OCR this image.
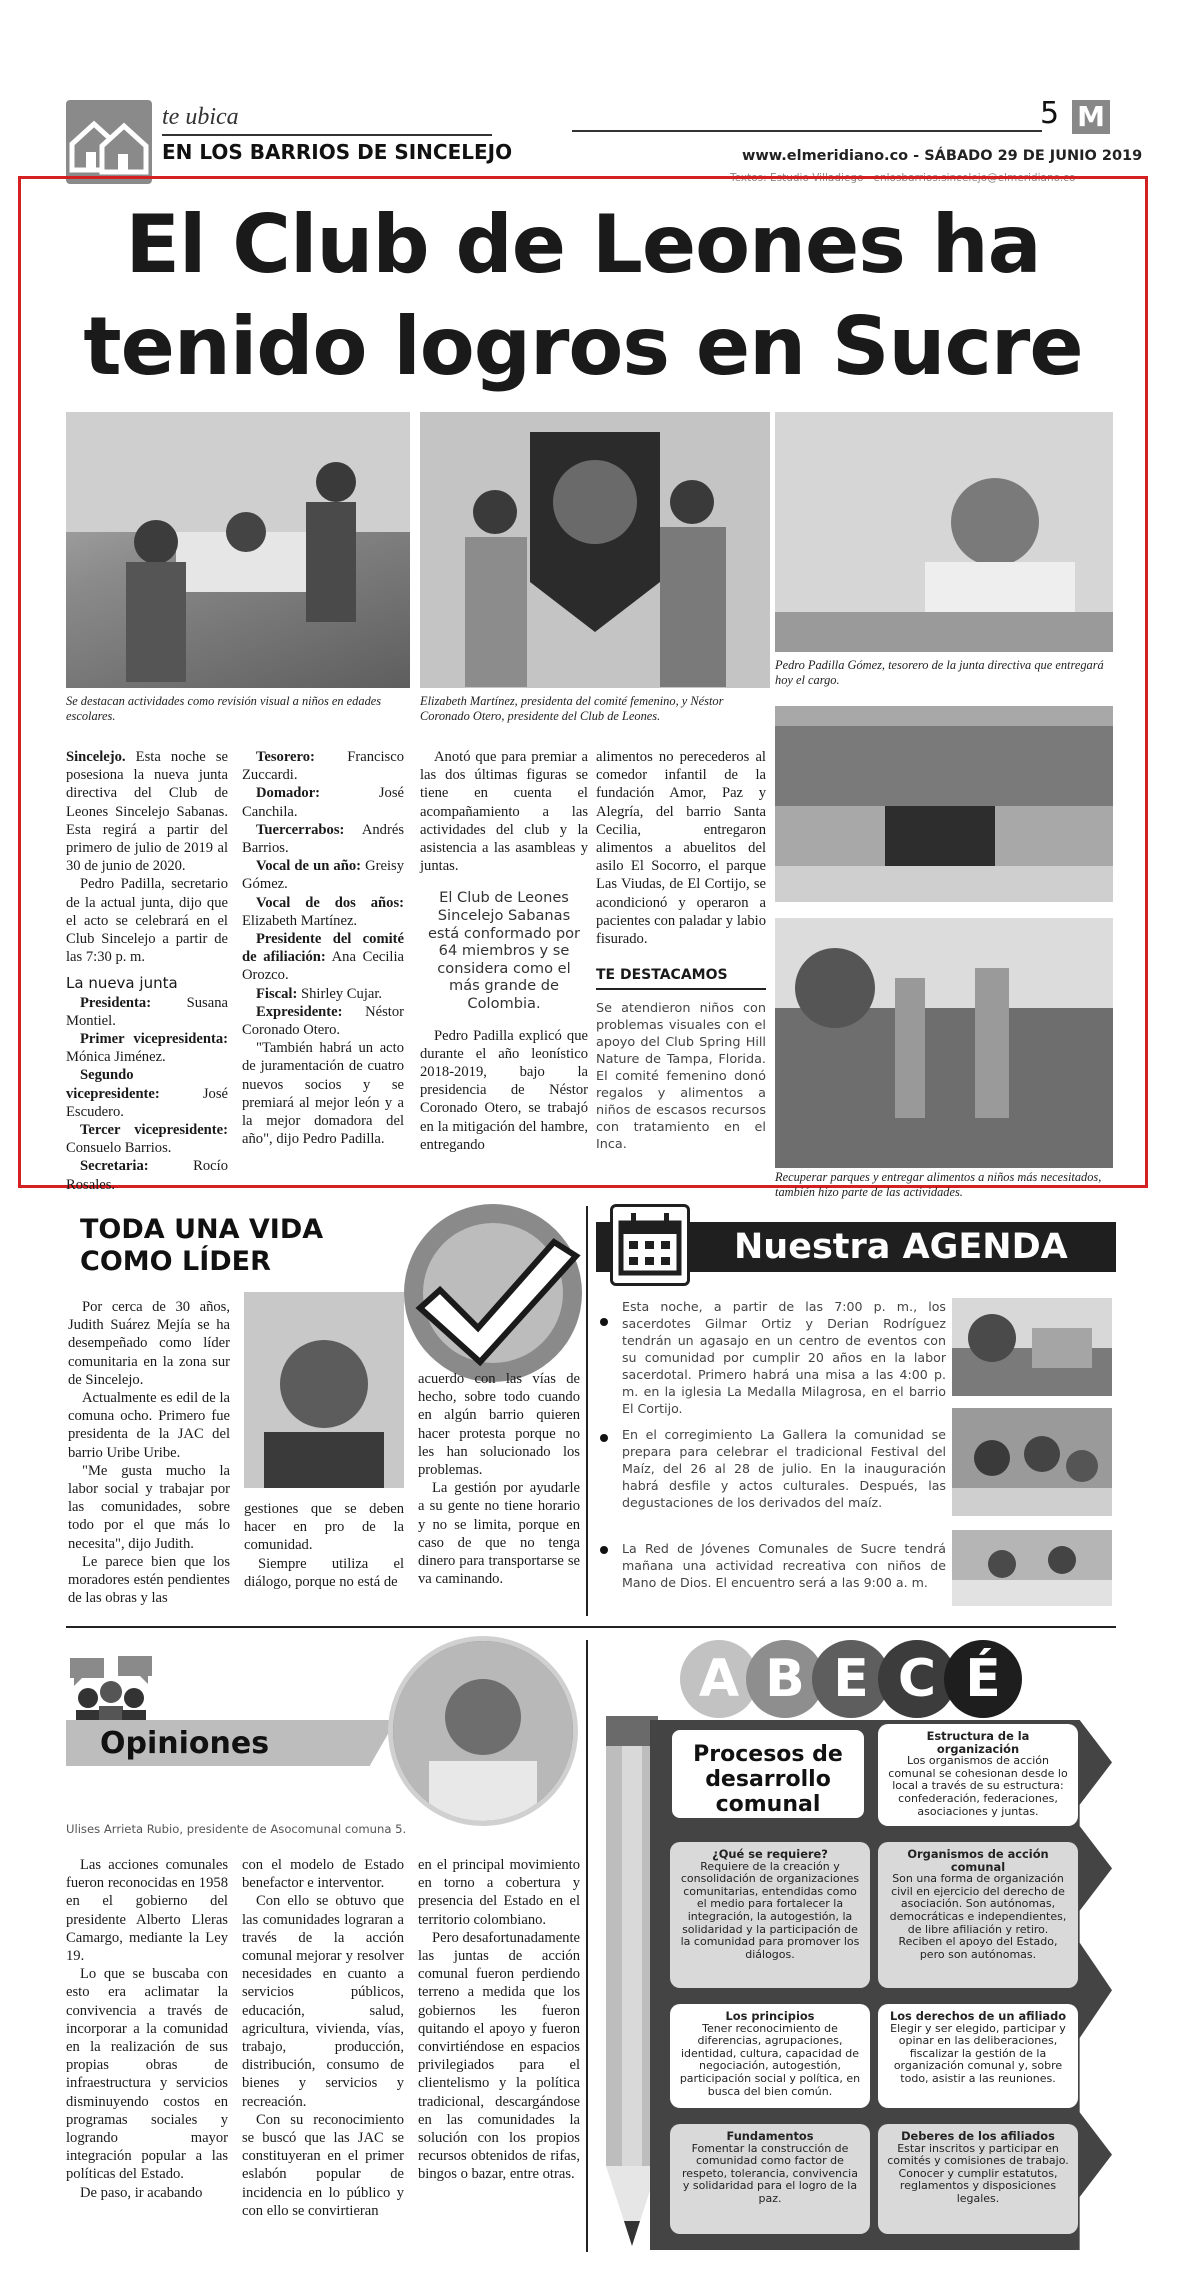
te ubica
EN LOS BARRIOS DE SINCELEJO
5 M
www.elmeridiano.co - SÁBADO 29 DE JUNIO 2019
Textos: Estudio Villadiego · enlosbarrios.sincelejo@elmeridiano.co
El Club de Leones ha
tenido logros en Sucre
Se destacan actividades como revisión visual a niños en edades escolares.
Elizabeth Martínez, presidenta del comité femenino, y Néstor Coronado Otero, presidente del Club de Leones.
Pedro Padilla Gómez, tesorero de la junta directiva que entregará hoy el cargo.
Recuperar parques y entregar alimentos a niños más necesitados, también hizo parte de las actividades.

Sincelejo. Esta noche se posesiona la nueva junta directiva del Club de Leones Sincelejo Sabanas. Esta regirá a partir del primero de julio de 2019 al 30 de junio de 2020.

Pedro Padilla, secretario de la actual junta, dijo que el acto se celebrará en el Club Sincelejo a partir de las 7:30 p. m.

La nueva junta

Presidenta: Susana Montiel.

Primer vicepresidenta: Mónica Jiménez.

Segundo vicepresidente: José Escudero.

Tercer vicepresidente: Consuelo Barrios.

Secretaria: Rocío Rosales.

Tesorero: Francisco Zuccardi.

Domador: José Canchila.

Tuercerrabos: Andrés Barrios.

Vocal de un año: Greisy Gómez.

Vocal de dos años: Elizabeth Martínez.

Presidente del comité de afiliación: Ana Cecilia Orozco.

Fiscal: Shirley Cujar.

Expresidente: Néstor Coronado Otero.

"También habrá un acto de juramentación de cuatro nuevos socios y se premiará al mejor león y a la mejor domadora del año", dijo Pedro Padilla.

Anotó que para premiar a las dos últimas figuras se tiene en cuenta el acompañamiento a las actividades del club y la asistencia a las asambleas y juntas.

El Club de Leones Sincelejo Sabanas está conformado por 64 miembros y se considera como el más grande de Colombia.

Pedro Padilla explicó que durante el año leonístico 2018-2019, bajo la presidencia de Néstor Coronado Otero, se trabajó en la mitigación del hambre, entregando

alimentos no perecederos al comedor infantil de la fundación Amor, Paz y Alegría, del barrio Santa Cecilia, entregaron alimentos a abuelitos del asilo El Socorro, el parque Las Viudas, de El Cortijo, se acondicionó y operaron a pacientes con paladar y labio fisurado.

TE DESTACAMOS

Se atendieron niños con problemas visuales con el apoyo del Club Spring Hill Nature de Tampa, Florida. El comité femenino donó regalos y alimentos a niños de escasos recursos con tratamiento en el Inca.

TODA UNA VIDA
COMO LÍDER

Por cerca de 30 años, Judith Suárez Mejía se ha desempeñado como líder comunitaria en la zona sur de Sincelejo.

Actualmente es edil de la comuna ocho. Primero fue presidenta de la JAC del barrio Uribe Uribe.

"Me gusta mucho la labor social y trabajar por las comunidades, sobre todo por el que más lo necesita", dijo Judith.

Le parece bien que los moradores estén pendientes de las obras y las

gestiones que se deben hacer en pro de la comunidad.

Siempre utiliza el diálogo, porque no está de

acuerdo con las vías de hecho, sobre todo cuando en algún barrio quieren hacer protesta porque no les han solucionado los problemas.

La gestión por ayudarle a su gente no tiene horario y no se limita, porque en caso de que no tenga dinero para transportarse se va caminando.

Nuestra AGENDA
Esta noche, a partir de las 7:00 p. m., los sacerdotes Gilmar Ortiz y Derian Rodríguez tendrán un agasajo en un centro de eventos con su comunidad por cumplir 20 años en la labor sacerdotal. Primero habrá una misa a las 4:00 p. m. en la iglesia La Medalla Milagrosa, en el barrio El Cortijo.
En el corregimiento La Gallera la comunidad se prepara para celebrar el tradicional Festival del Maíz, del 26 al 28 de julio. En la inauguración habrá desfile y actos culturales. Después, las degustaciones de los derivados del maíz.
La Red de Jóvenes Comunales de Sucre tendrá mañana una actividad recreativa con niños de Mano de Dios. El encuentro será a las 9:00 a. m.
Opiniones
Ulises Arrieta Rubio, presidente de Asocomunal comuna 5.

Las acciones comunales fueron reconocidas en 1958 en el gobierno del presidente Alberto Lleras Camargo, mediante la Ley 19.

Lo que se buscaba con esto era aclimatar la convivencia a través de incorporar a la comunidad en la realización de sus propias obras de infraestructura y servicios disminuyendo costos en programas sociales y logrando mayor integración popular a las políticas del Estado.

De paso, ir acabando

con el modelo de Estado benefactor e interventor.

Con ello se obtuvo que las comunidades lograran a través de la acción comunal mejorar y resolver necesidades en cuanto a servicios públicos, educación, salud, agricultura, vivienda, vías, trabajo, producción, distribución, consumo de bienes y servicios y recreación.

Con su reconocimiento se buscó que las JAC se constituyeran en el primer eslabón popular de incidencia en lo público y con ello se convirtieran

en el principal movimiento en torno a cobertura y presencia del Estado en el territorio colombiano.

Pero desafortunadamente las juntas de acción comunal fueron perdiendo terreno a medida que los gobiernos les fueron quitando el apoyo y fueron convirtiéndose en espacios privilegiados para el clientelismo y la política tradicional, descargándose en las comunidades la solución con los propios recursos obtenidos de rifas, bingos o bazar, entre otras.

A B E C É
Procesos de desarrollo comunal
Estructura de la organización
Los organismos de acción comunal se cohesionan desde lo local a través de su estructura: confederación, federaciones, asociaciones y juntas.
¿Qué se requiere?
Requiere de la creación y consolidación de organizaciones comunitarias, entendidas como el medio para fortalecer la integración, la autogestión, la solidaridad y la participación de la comunidad para promover los diálogos.
Organismos de acción comunal
Son una forma de organización civil en ejercicio del derecho de asociación. Son autónomas, democráticas e independientes, de libre afiliación y retiro. Reciben el apoyo del Estado, pero son autónomas.
Los principios
Tener reconocimiento de diferencias, agrupaciones, identidad, cultura, capacidad de negociación, autogestión, participación social y política, en busca del bien común.
Los derechos de un afiliado
Elegir y ser elegido, participar y opinar en las deliberaciones, fiscalizar la gestión de la organización comunal y, sobre todo, asistir a las reuniones.
Fundamentos
Fomentar la construcción de comunidad como factor de respeto, tolerancia, convivencia y solidaridad para el logro de la paz.
Deberes de los afiliados
Estar inscritos y participar en comités y comisiones de trabajo. Conocer y cumplir estatutos, reglamentos y disposiciones legales.
